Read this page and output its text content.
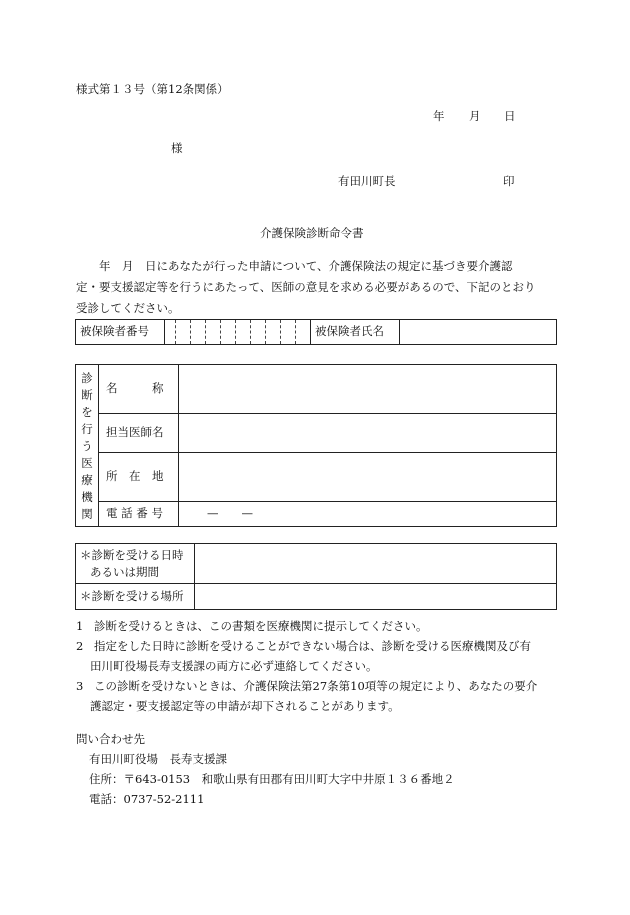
様式第１３号（第12条関係）
年 月 日
様
有田川町長	印
介護保険診断命令書
　　年　月　日にあなたが行った申請について、介護保険法の規定に基づき要介護認
定・要支援認定等を行うにあたって、医師の意見を求める必要があるので、下記のとおり
受診してください。
被保険者番号											被保険者氏名	
診断を行う医療機関	名　　　称	
	担当医師名	
	所　在　地	
	電 話 番 号	—　　—
＊診断を受ける日時
あるいは期間	

＊診断を受ける場所	
1 診断を受けるときは、この書類を医療機関に提示してください。
2 指定をした日時に診断を受けることができない場合は、診断を受ける医療機関及び有
田川町役場長寿支援課の両方に必ず連絡してください。
3 この診断を受けないときは、介護保険法第27条第10項等の規定により、あなたの要介
護認定・要支援認定等の申請が却下されることがあります。
問い合わせ先
有田川町役場　長寿支援課
住所：〒643-0153　和歌山県有田郡有田川町大字中井原１３６番地２
電話：0737-52-2111
